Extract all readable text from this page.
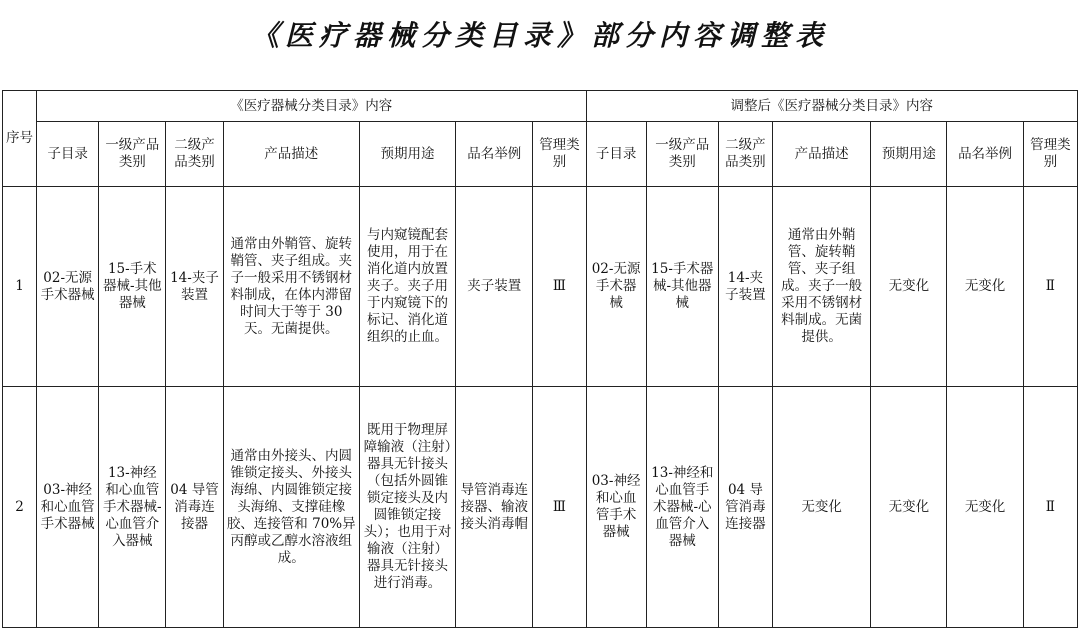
《医疗器械分类目录》部分内容调整表
序号	《医疗器械分类目录》内容							调整后《医疗器械分类目录》内容						
	子目录	一级产品类别	二级产品类别	产品描述	预期用途	品名举例	管理类别	子目录	一级产品类别	二级产品类别	产品描述	预期用途	品名举例	管理类别
1	02-无源手术器械	15-手术器械-其他器械	14-夹子装置	通常由外鞘管、旋转鞘管、夹子组成。夹子一般采用不锈钢材料制成，在体内滞留时间大于等于 30 天。无菌提供。	与内窥镜配套使用，用于在消化道内放置夹子。夹子用于内窥镜下的标记、消化道组织的止血。	夹子装置	Ⅲ	02-无源手术器械	15-手术器械-其他器械	14-夹子装置	通常由外鞘管、旋转鞘管、夹子组成。夹子一般采用不锈钢材料制成。无菌提供。	无变化	无变化	Ⅱ
2	03-神经和心血管手术器械	13-神经和心血管手术器械-心血管介入器械	04 导管消毒连接器	通常由外接头、内圆锥锁定接头、外接头海绵、内圆锥锁定接头海绵、支撑硅橡胶、连接管和 70%异丙醇或乙醇水溶液组成。	既用于物理屏障输液（注射）器具无针接头（包括外圆锥锁定接头及内圆锥锁定接头）；也用于对输液（注射）器具无针接头进行消毒。	导管消毒连接器、输液接头消毒帽	Ⅲ	03-神经和心血管手术器械	13-神经和心血管手术器械-心血管介入器械	04 导管消毒连接器	无变化	无变化	无变化	Ⅱ
